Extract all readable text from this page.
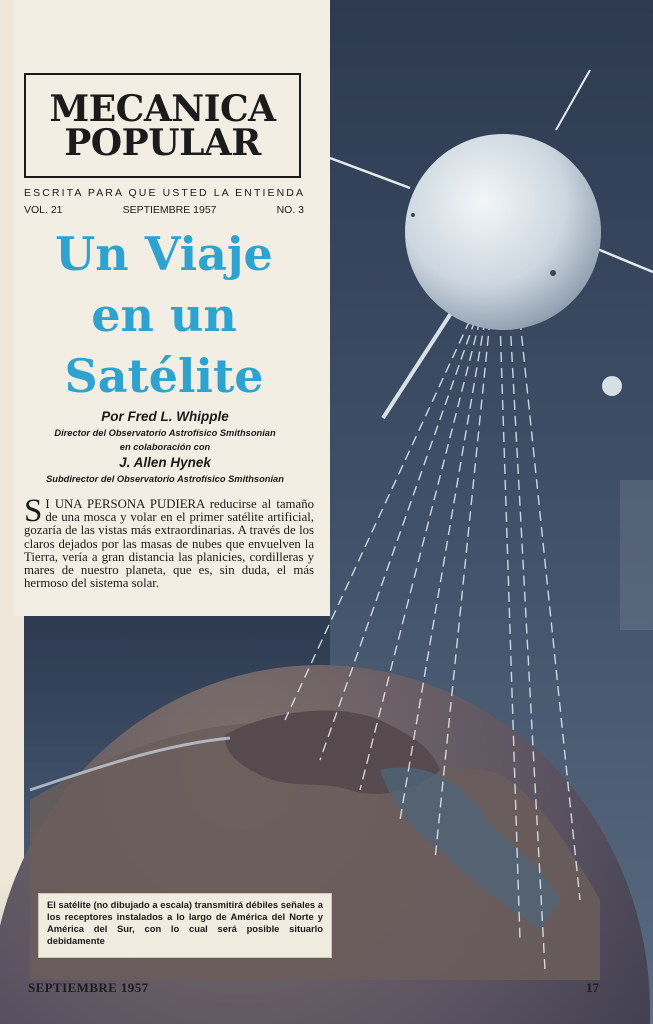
MECANICA
POPULAR
ESCRITA PARA QUE USTED LA ENTIENDA
VOL. 21	SEPTIEMBRE 1957	NO. 3
Un Viaje
en un
Satélite
Por Fred L. Whipple
Director del Observatorio Astrofísico Smithsonian
en colaboración con
J. Allen Hynek
Subdirector del Observatorio Astrofísico Smithsonian
S I UNA PERSONA PUDIERA reducirse al tamaño de una mosca y volar en el primer satélite artificial, gozaría de las vistas más extraordinarias. A través de los claros dejados por las masas de nubes que envuelven la Tierra, vería a gran distancia las planicies, cordilleras y mares de nuestro planeta, que es, sin duda, el más hermoso del sistema solar.
El satélite (no dibujado a escala) transmitirá débiles señales a los receptores instalados a lo largo de América del Norte y América del Sur, con lo cual será posible situarlo debidamente
SEPTIEMBRE 1957	17
